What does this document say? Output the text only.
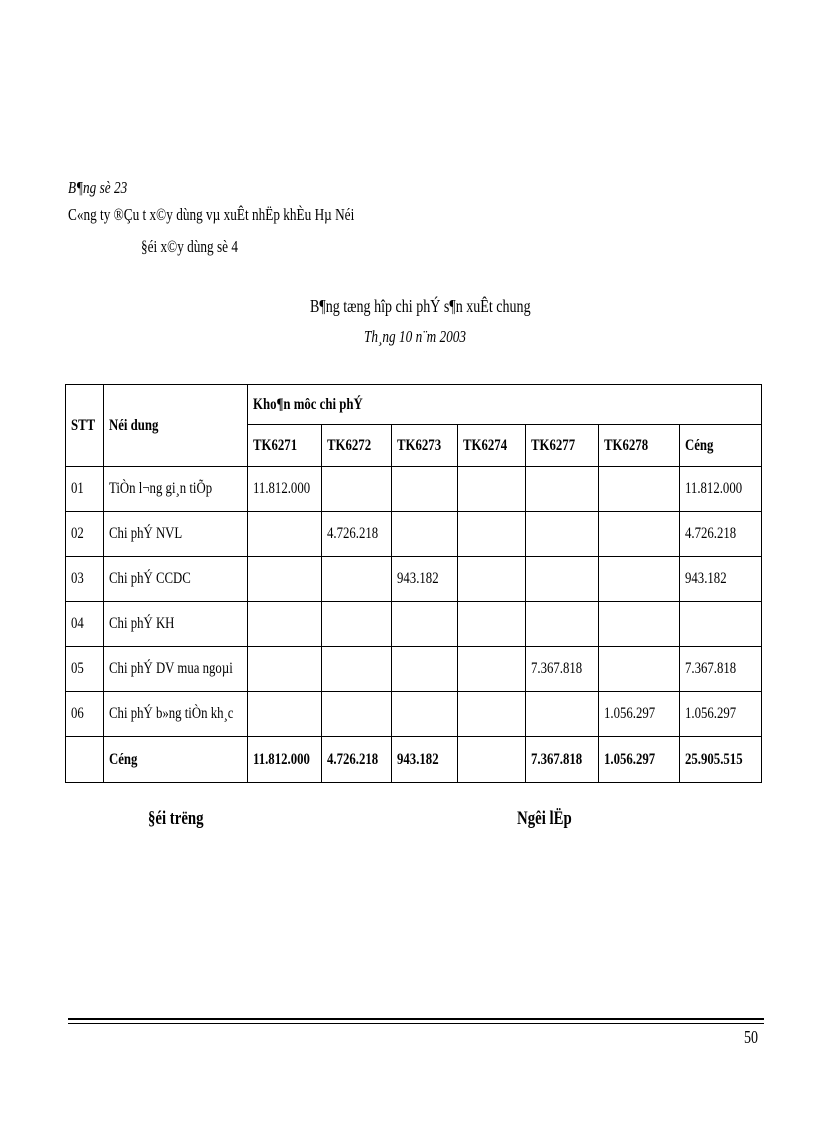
B¶ng sè 23
C«ng ty ®Çu t x©y dùng vµ xuÊt nhËp khÈu Hµ Néi
§éi x©y dùng sè 4
B¶ng tæng hîp chi phÝ s¶n xuÊt chung
Th¸ng 10 n¨m 2003
STT	Néi dung	Kho¶n môc chi phÝ						
		TK6271	TK6272	TK6273	TK6274	TK6277	TK6278	Céng
01	TiÒn l¬ng gi¸n tiÕp	11.812.000						11.812.000
02	Chi phÝ NVL		4.726.218					4.726.218
03	Chi phÝ CCDC			943.182				943.182
04	Chi phÝ KH							
05	Chi phÝ DV mua ngoµi					7.367.818		7.367.818
06	Chi phÝ b»ng tiÒn kh¸c						1.056.297	1.056.297
	Céng	11.812.000	4.726.218	943.182		7.367.818	1.056.297	25.905.515
§éi trëng	Ngêi lËp
50
